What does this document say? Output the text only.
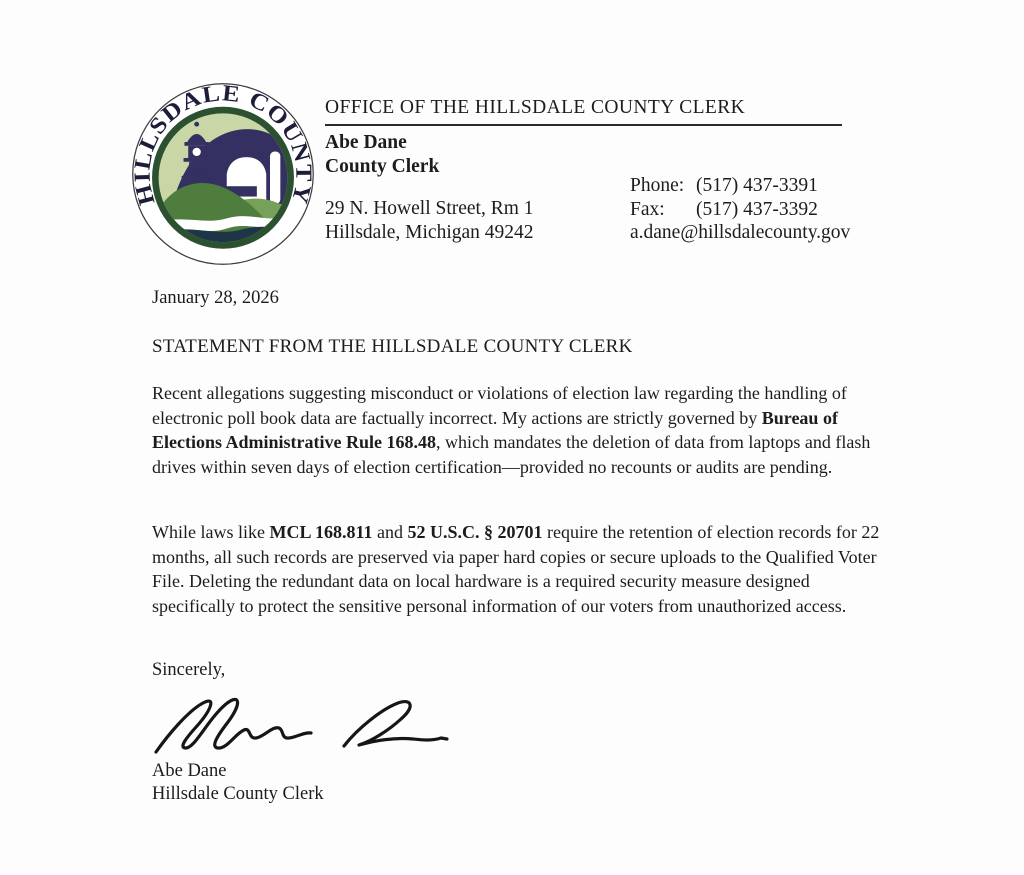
HILLSDALE COUNTY
OFFICE OF THE HILLSDALE COUNTY CLERK
Abe Dane
County Clerk
29 N. Howell Street, Rm 1
Hillsdale, Michigan 49242
Phone: (517) 437-3391
Fax: (517) 437-3392
a.dane@hillsdalecounty.gov
January 28, 2026
STATEMENT FROM THE HILLSDALE COUNTY CLERK

Recent allegations suggesting misconduct or violations of election law regarding the handling of electronic poll book data are factually incorrect. My actions are strictly governed by Bureau of Elections Administrative Rule 168.48, which mandates the deletion of data from laptops and flash drives within seven days of election certification—provided no recounts or audits are pending.

While laws like MCL 168.811 and 52 U.S.C. § 20701 require the retention of election records for 22 months, all such records are preserved via paper hard copies or secure uploads to the Qualified Voter File. Deleting the redundant data on local hardware is a required security measure designed specifically to protect the sensitive personal information of our voters from unauthorized access.

Sincerely,
Abe Dane
Hillsdale County Clerk
